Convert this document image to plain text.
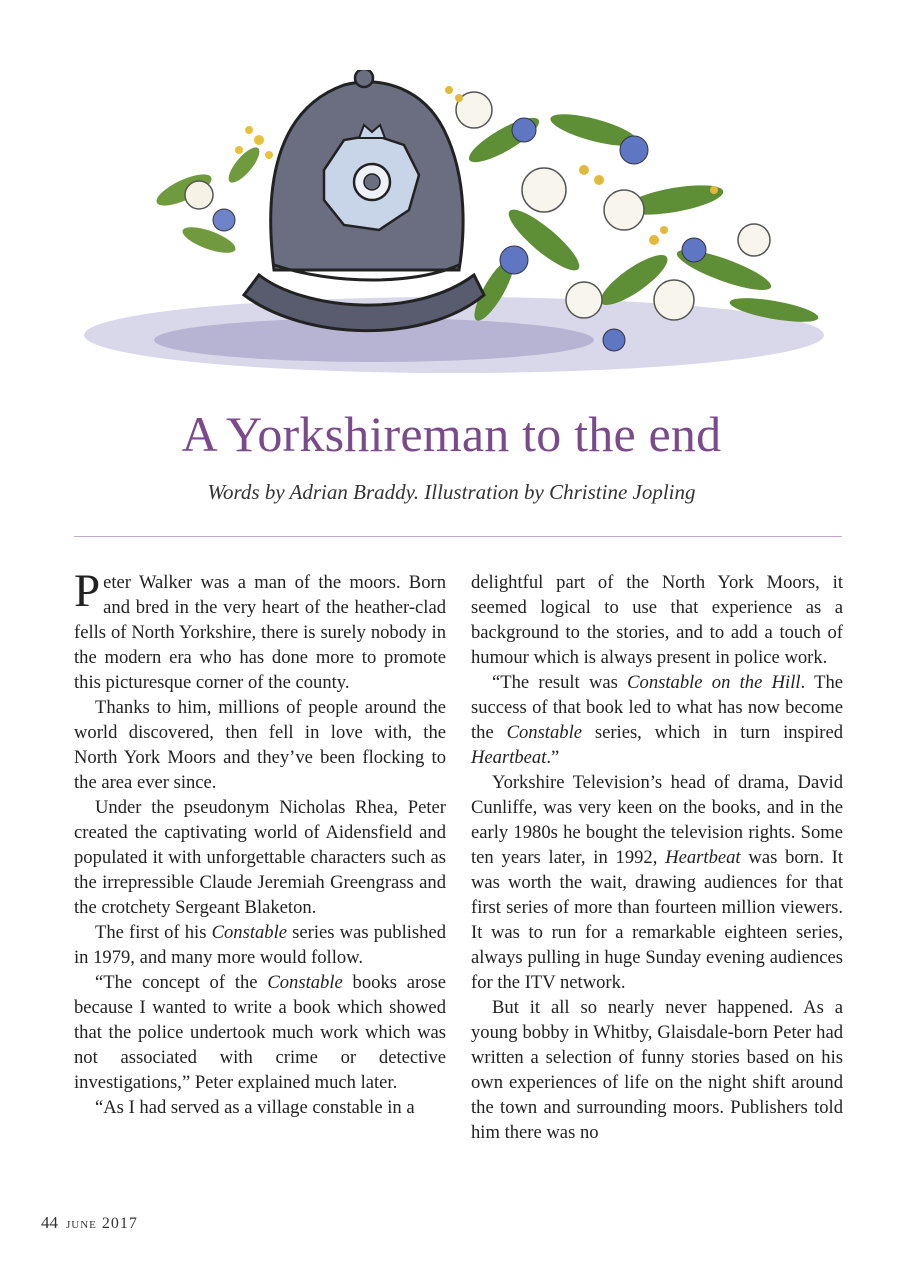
A Yorkshireman to the end
Words by Adrian Braddy. Illustration by Christine Jopling

Peter Walker was a man of the moors. Born and bred in the very heart of the heather-clad fells of North Yorkshire, there is surely nobody in the modern era who has done more to promote this picturesque corner of the county.

Thanks to him, millions of people around the world discovered, then fell in love with, the North York Moors and they’ve been flocking to the area ever since.

Under the pseudonym Nicholas Rhea, Peter created the captivating world of Aidensfield and populated it with unforgettable characters such as the irrepressible Claude Jeremiah Greengrass and the crotchety Sergeant Blaketon.

The first of his Constable series was published in 1979, and many more would follow.

“The concept of the Constable books arose because I wanted to write a book which showed that the police undertook much work which was not associated with crime or detective investigations,” Peter explained much later.

“As I had served as a village constable in a

delightful part of the North York Moors, it seemed logical to use that experience as a background to the stories, and to add a touch of humour which is always present in police work.

“The result was Constable on the Hill. The success of that book led to what has now become the Constable series, which in turn inspired Heartbeat.”

Yorkshire Television’s head of drama, David Cunliffe, was very keen on the books, and in the early 1980s he bought the television rights. Some ten years later, in 1992, Heartbeat was born. It was worth the wait, drawing audiences for that first series of more than fourteen million viewers. It was to run for a remarkable eighteen series, always pulling in huge Sunday evening audiences for the ITV network.

But it all so nearly never happened. As a young bobby in Whitby, Glaisdale-born Peter had written a selection of funny stories based on his own experiences of life on the night shift around the town and surrounding moors. Publishers told him there was no

44 june 2017
